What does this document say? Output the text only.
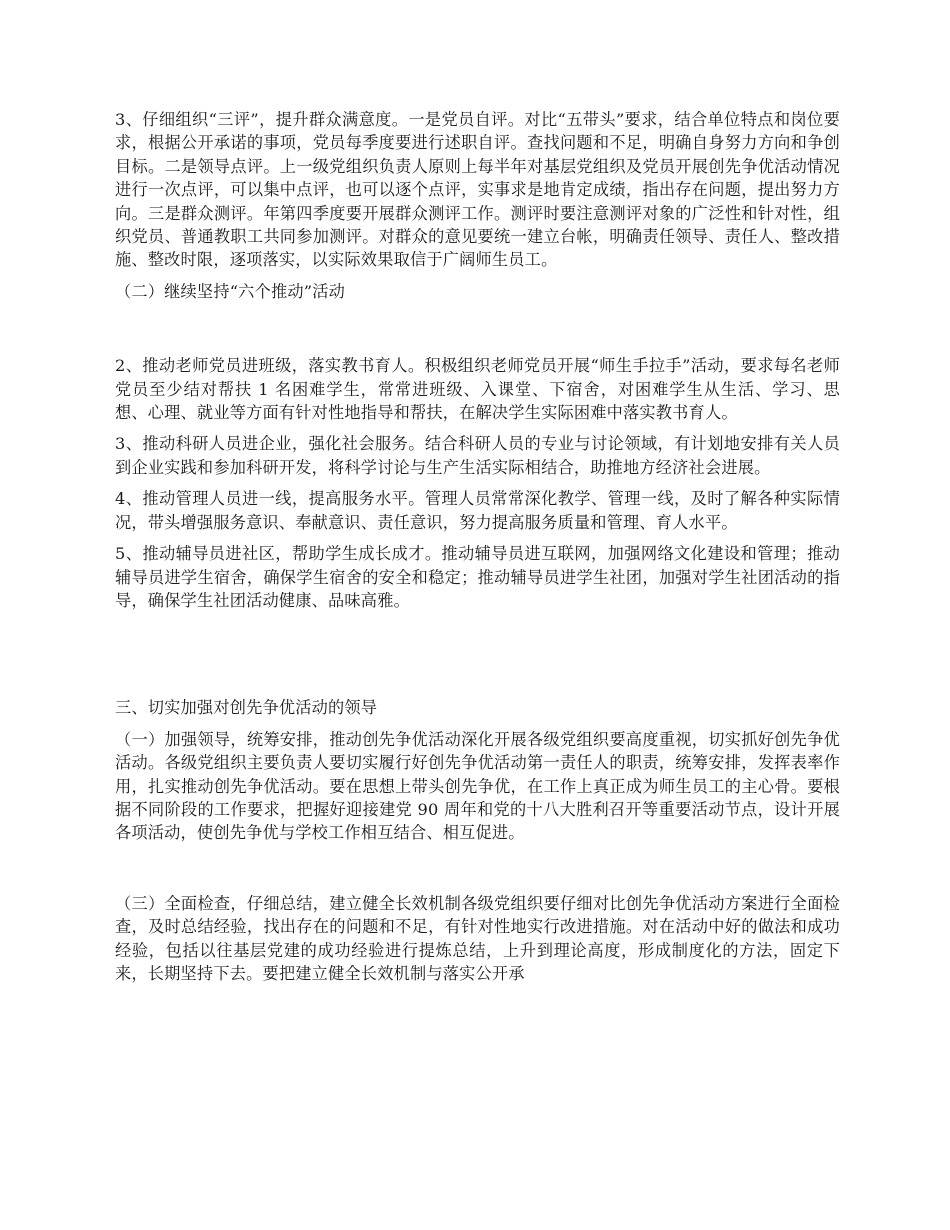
3、仔细组织“三评”，提升群众满意度。一是党员自评。对比“五带头”要求，结合单位特点和岗位要求，根据公开承诺的事项，党员每季度要进行述职自评。查找问题和不足，明确自身努力方向和争创目标。二是领导点评。上一级党组织负责人原则上每半年对基层党组织及党员开展创先争优活动情况进行一次点评，可以集中点评，也可以逐个点评，实事求是地肯定成绩，指出存在问题，提出努力方向。三是群众测评。年第四季度要开展群众测评工作。测评时要注意测评对象的广泛性和针对性，组织党员、普通教职工共同参加测评。对群众的意见要统一建立台帐，明确责任领导、责任人、整改措施、整改时限，逐项落实，以实际效果取信于广阔师生员工。

（二）继续坚持“六个推动”活动

2、推动老师党员进班级，落实教书育人。积极组织老师党员开展“师生手拉手”活动，要求每名老师党员至少结对帮扶 1 名困难学生，常常进班级、入课堂、下宿舍，对困难学生从生活、学习、思想、心理、就业等方面有针对性地指导和帮扶，在解决学生实际困难中落实教书育人。

3、推动科研人员进企业，强化社会服务。结合科研人员的专业与讨论领域，有计划地安排有关人员到企业实践和参加科研开发，将科学讨论与生产生活实际相结合，助推地方经济社会进展。

4、推动管理人员进一线，提高服务水平。管理人员常常深化教学、管理一线，及时了解各种实际情况，带头增强服务意识、奉献意识、责任意识，努力提高服务质量和管理、育人水平。

5、推动辅导员进社区，帮助学生成长成才。推动辅导员进互联网，加强网络文化建设和管理；推动辅导员进学生宿舍，确保学生宿舍的安全和稳定；推动辅导员进学生社团，加强对学生社团活动的指导，确保学生社团活动健康、品味高雅。

三、切实加强对创先争优活动的领导

（一）加强领导，统筹安排，推动创先争优活动深化开展各级党组织要高度重视，切实抓好创先争优活动。各级党组织主要负责人要切实履行好创先争优活动第一责任人的职责，统筹安排，发挥表率作用，扎实推动创先争优活动。要在思想上带头创先争优，在工作上真正成为师生员工的主心骨。要根据不同阶段的工作要求，把握好迎接建党 90 周年和党的十八大胜利召开等重要活动节点，设计开展各项活动，使创先争优与学校工作相互结合、相互促进。

（三）全面检查，仔细总结，建立健全长效机制各级党组织要仔细对比创先争优活动方案进行全面检查，及时总结经验，找出存在的问题和不足，有针对性地实行改进措施。对在活动中好的做法和成功经验，包括以往基层党建的成功经验进行提炼总结，上升到理论高度，形成制度化的方法，固定下来，长期坚持下去。要把建立健全长效机制与落实公开承
